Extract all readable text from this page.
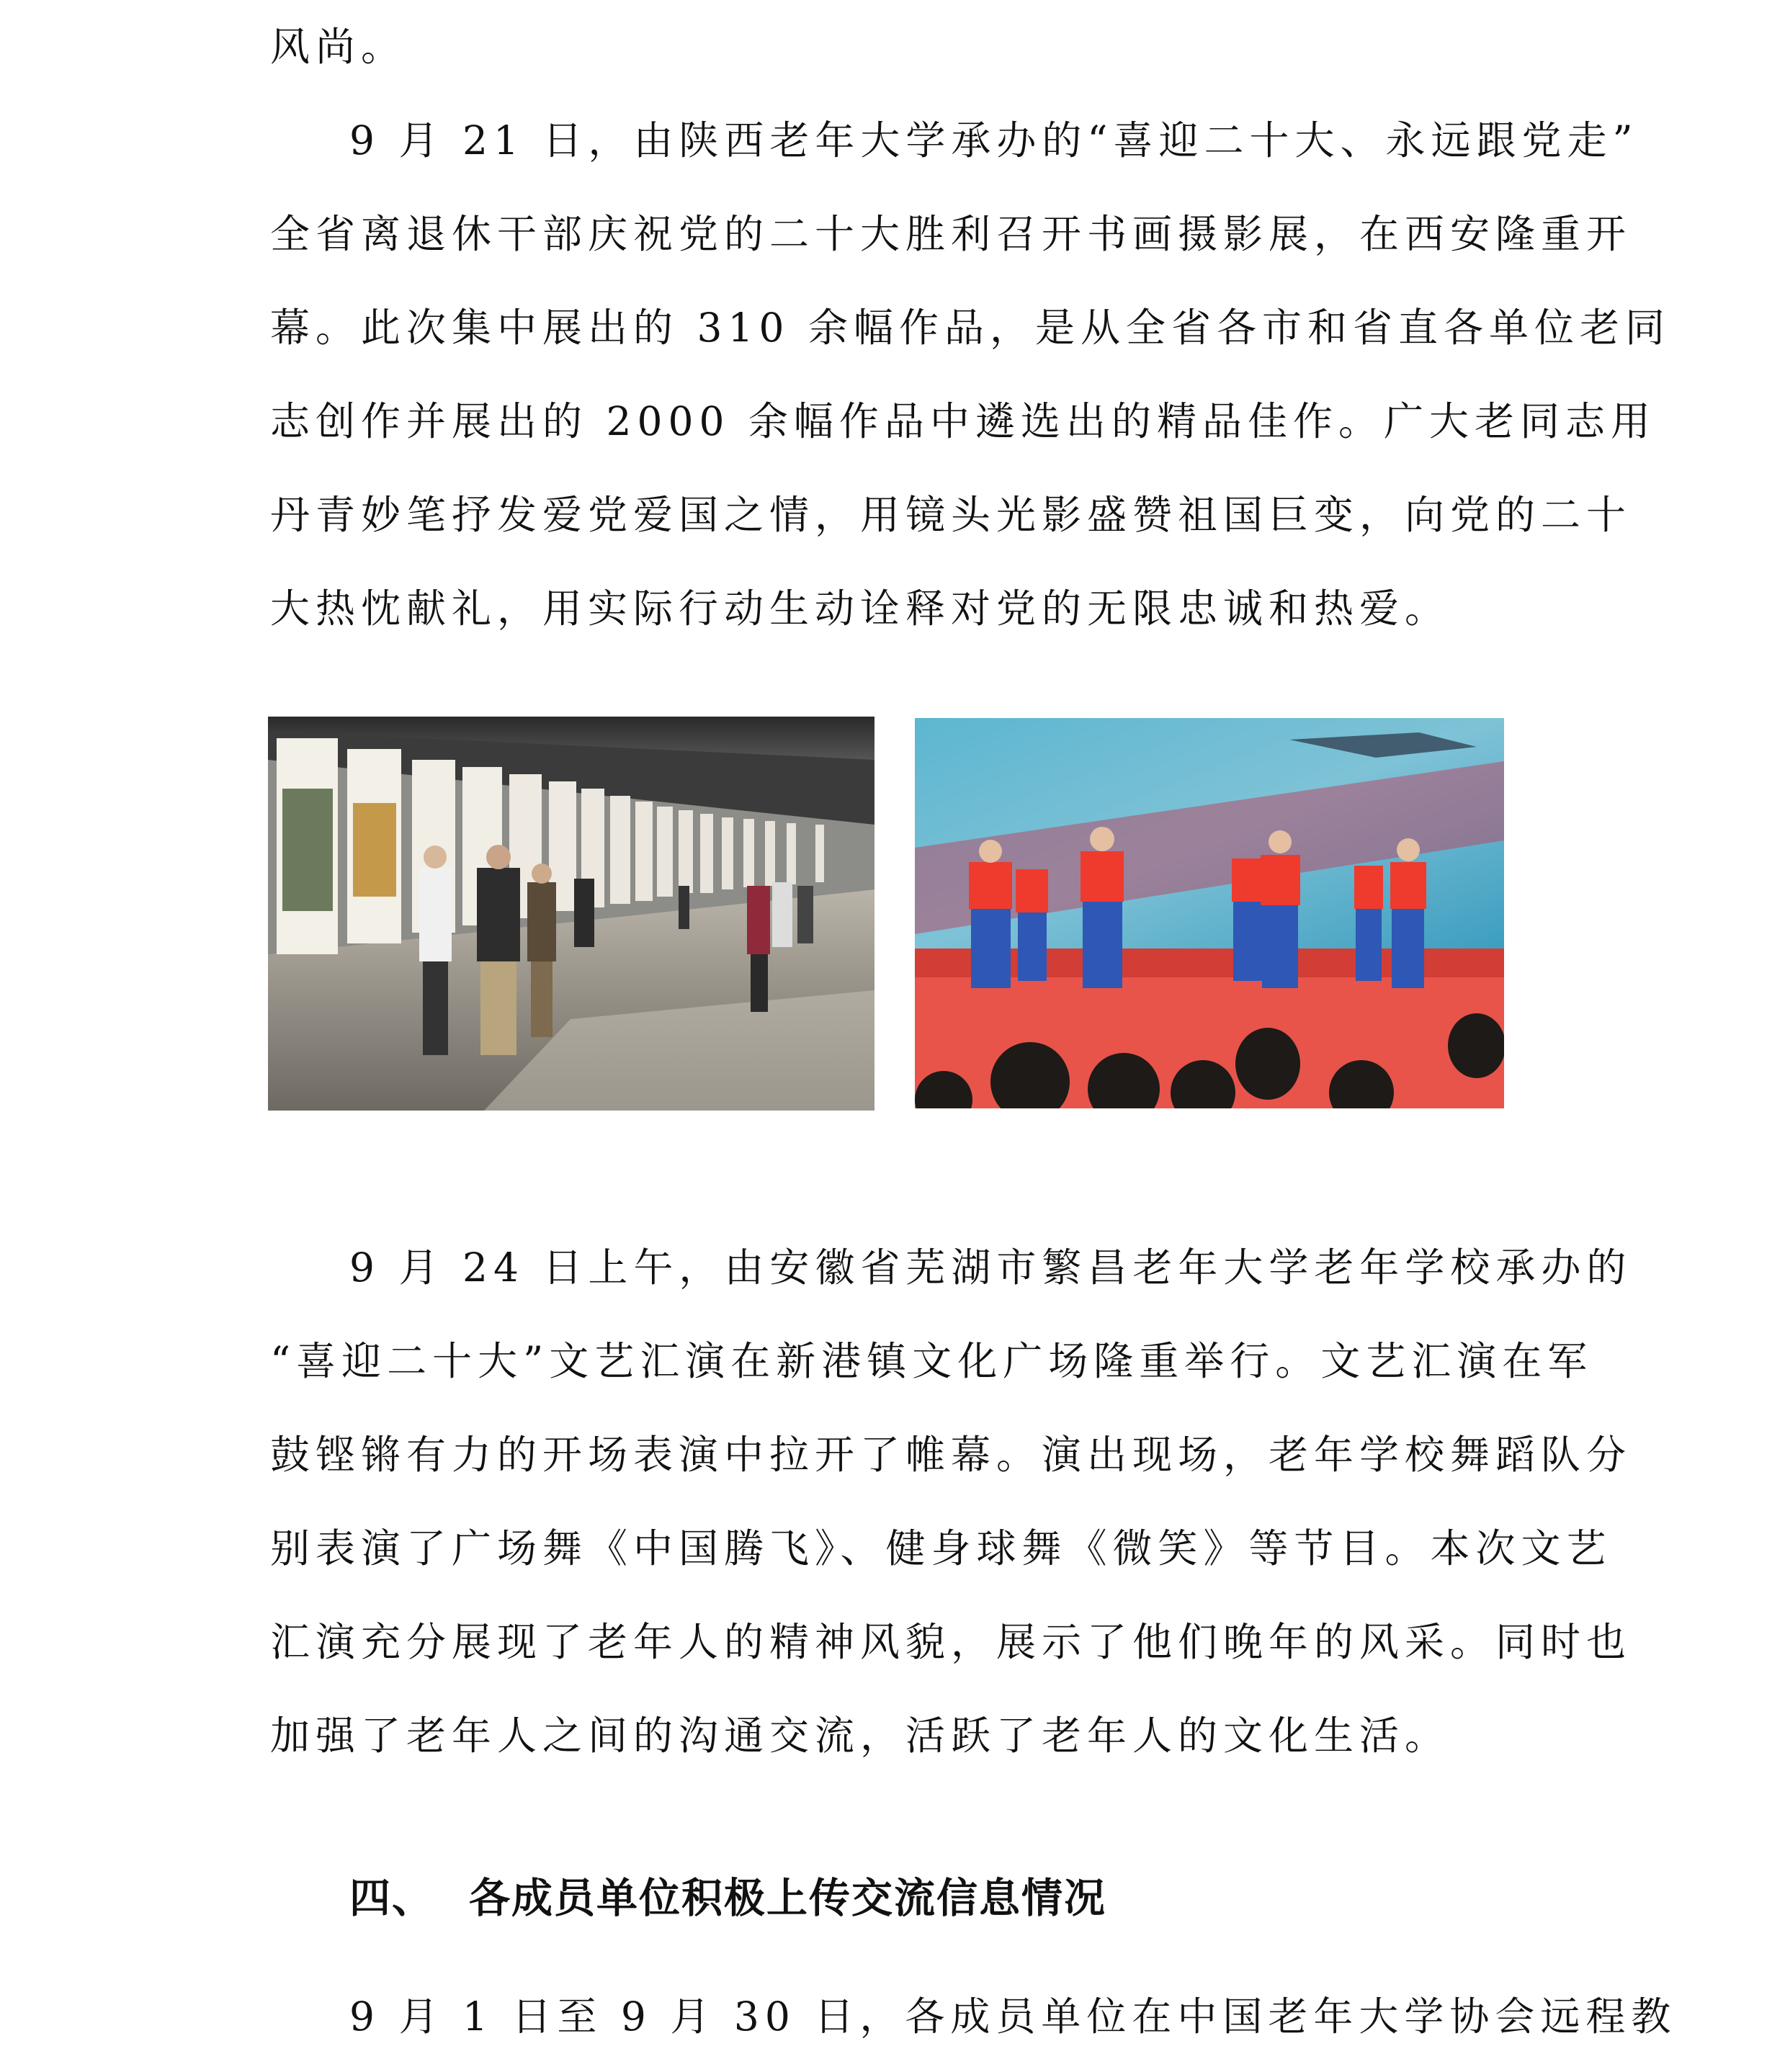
风尚。
9 月 21 日，由陕西老年大学承办的“喜迎二十大、永远跟党走”
全省离退休干部庆祝党的二十大胜利召开书画摄影展，在西安隆重开
幕。此次集中展出的 310 余幅作品，是从全省各市和省直各单位老同
志创作并展出的 2000 余幅作品中遴选出的精品佳作。广大老同志用
丹青妙笔抒发爱党爱国之情，用镜头光影盛赞祖国巨变，向党的二十
大热忱献礼，用实际行动生动诠释对党的无限忠诚和热爱。
9 月 24 日上午，由安徽省芜湖市繁昌老年大学老年学校承办的
“喜迎二十大”文艺汇演在新港镇文化广场隆重举行。文艺汇演在军
鼓铿锵有力的开场表演中拉开了帷幕。演出现场，老年学校舞蹈队分
别表演了广场舞《中国腾飞》、健身球舞《微笑》等节目。本次文艺
汇演充分展现了老年人的精神风貌，展示了他们晚年的风采。同时也
加强了老年人之间的沟通交流，活跃了老年人的文化生活。
四、 各成员单位积极上传交流信息情况
9 月 1 日至 9 月 30 日，各成员单位在中国老年大学协会远程教
